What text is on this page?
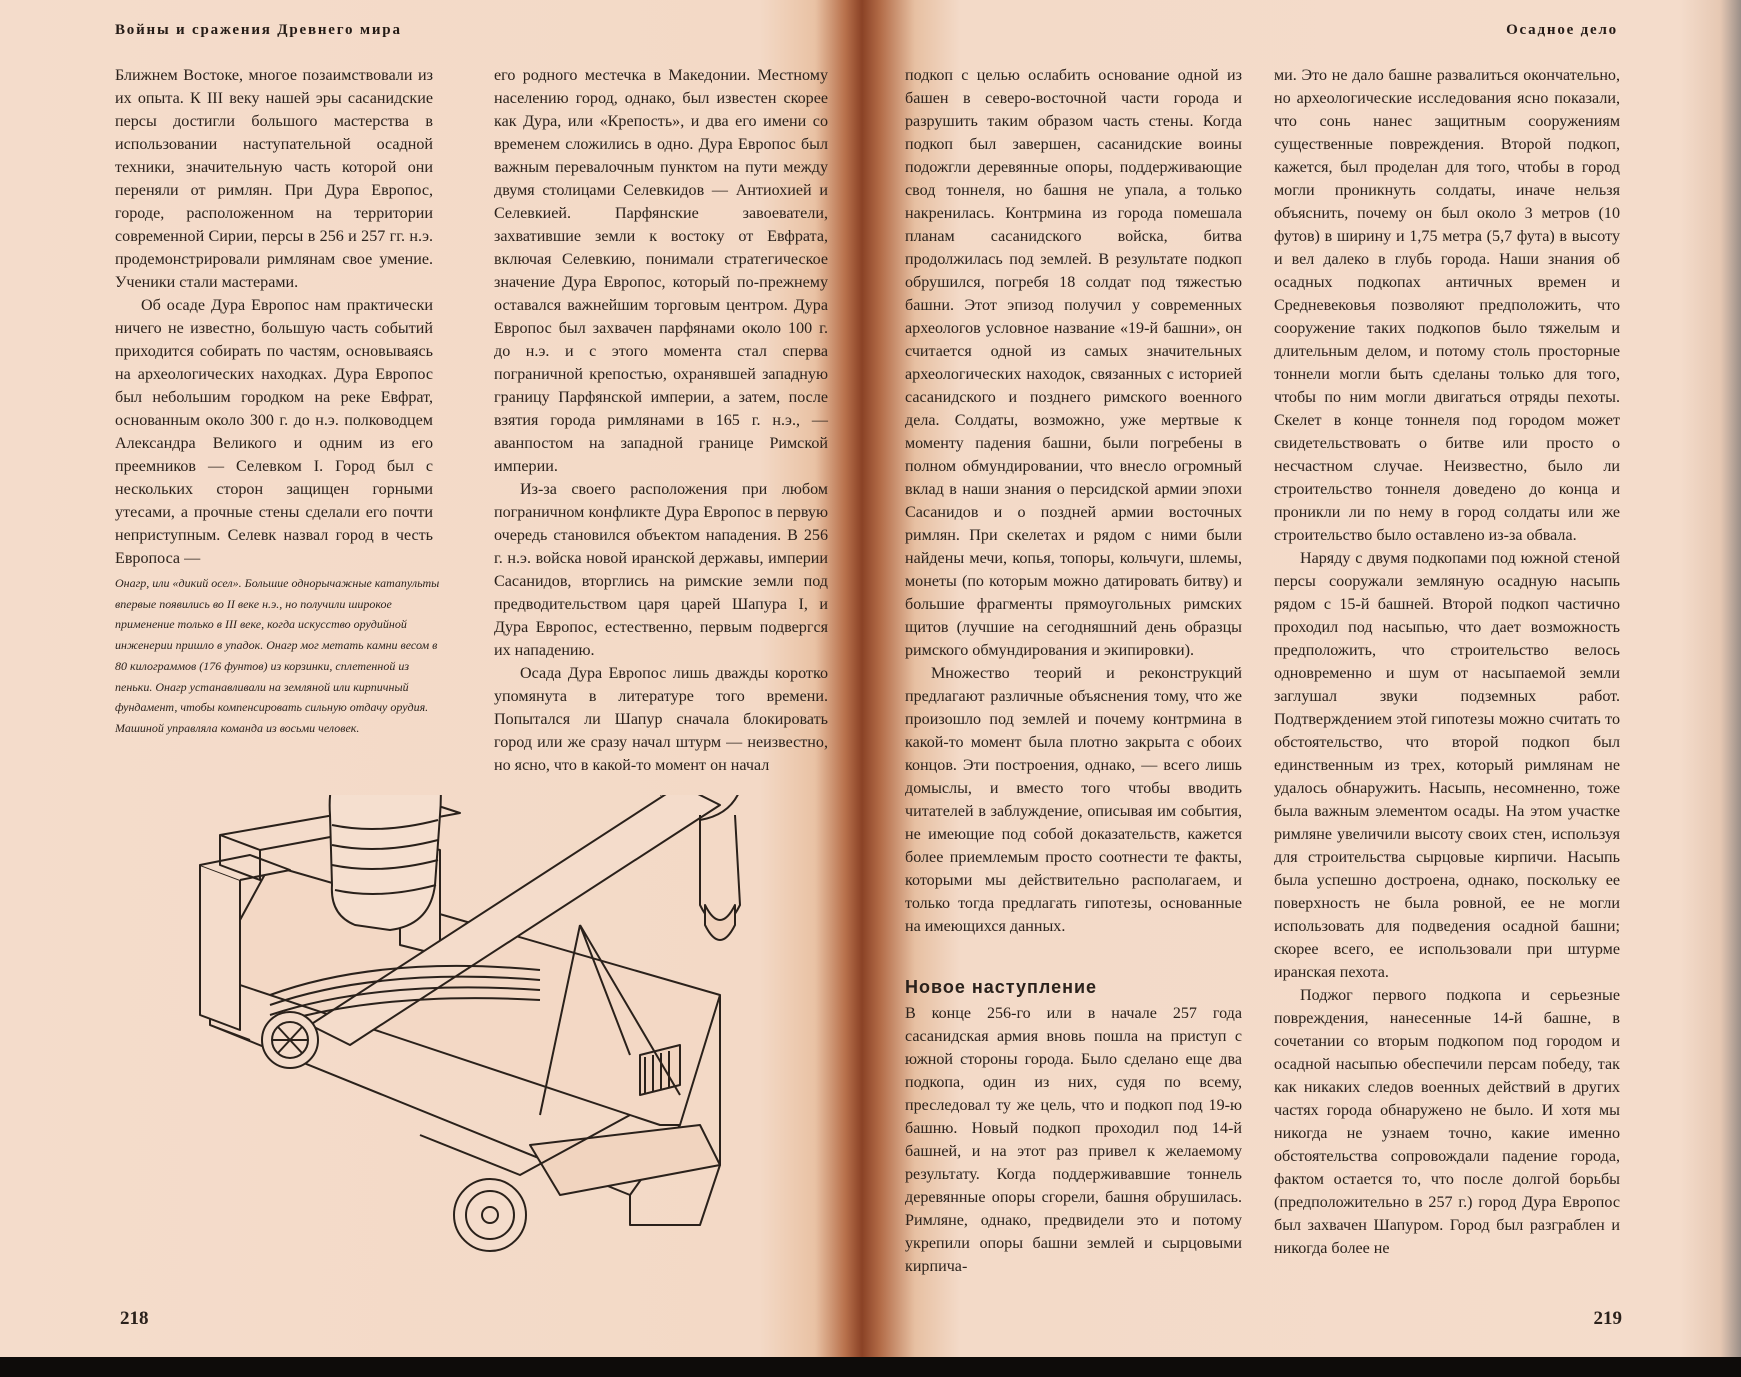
Войны и сражения Древнего мира

Ближнем Востоке, многое позаимствовали из их опыта. К III веку нашей эры сасанидские персы достигли большого мастерства в использовании наступательной осадной техники, значительную часть которой они переняли от римлян. При Дура Европос, городе, расположенном на территории современной Сирии, персы в 256 и 257 гг. н.э. продемонстрировали римлянам свое умение. Ученики стали мастерами.

Об осаде Дура Европос нам практически ничего не известно, большую часть событий приходится собирать по частям, основываясь на археологических находках. Дура Европос был небольшим городком на реке Евфрат, основанным около 300 г. до н.э. полководцем Александра Великого и одним из его преемников — Селевком I. Город был с нескольких сторон защищен горными утесами, а прочные стены сделали его почти неприступным. Селевк назвал город в честь Европоса —

Онагр, или «дикий осел». Большие однорычажные катапульты впервые появились во II веке н.э., но получили широкое применение только в III веке, когда искусство орудийной инженерии пришло в упадок. Онагр мог метать камни весом в 80 килограммов (176 фунтов) из корзинки, сплетенной из пеньки. Онагр устанавливали на земляной или кирпичный фундамент, чтобы компенсировать сильную отдачу орудия. Машиной управляла команда из восьми человек.

его родного местечка в Македонии. Местному населению город, однако, был известен скорее как Дура, или «Крепость», и два его имени со временем сложились в одно. Дура Европос был важным перевалочным пунктом на пути между двумя столицами Селевкидов — Антиохией и Селевкией. Парфянские завоеватели, захватившие земли к востоку от Евфрата, включая Селевкию, понимали стратегическое значение Дура Европос, который по-прежнему оставался важнейшим торговым центром. Дура Европос был захвачен парфянами около 100 г. до н.э. и с этого момента стал сперва пограничной крепостью, охранявшей западную границу Парфянской империи, а затем, после взятия города римлянами в 165 г. н.э., — аванпостом на западной границе Римской империи.

Из-за своего расположения при любом пограничном конфликте Дура Европос в первую очередь становился объектом нападения. В 256 г. н.э. войска новой иранской державы, империи Сасанидов, вторглись на римские земли под предводительством царя царей Шапура I, и Дура Европос, естественно, первым подвергся их нападению.

Осада Дура Европос лишь дважды коротко упомянута в литературе того времени. Попытался ли Шапур сначала блокировать город или же сразу начал штурм — неизвестно, но ясно, что в какой-то момент он начал

218
Осадное дело

подкоп с целью ослабить основание одной из башен в северо-восточной части города и разрушить таким образом часть стены. Когда подкоп был завершен, сасанидские воины подожгли деревянные опоры, поддерживающие свод тоннеля, но башня не упала, а только накренилась. Контрмина из города помешала планам сасанидского войска, битва продолжилась под землей. В результате подкоп обрушился, погребя 18 солдат под тяжестью башни. Этот эпизод получил у современных археологов условное название «19-й башни», он считается одной из самых значительных археологических находок, связанных с историей сасанидского и позднего римского военного дела. Солдаты, возможно, уже мертвые к моменту падения башни, были погребены в полном обмундировании, что внесло огромный вклад в наши знания о персидской армии эпохи Сасанидов и о поздней армии восточных римлян. При скелетах и рядом с ними были найдены мечи, копья, топоры, кольчуги, шлемы, монеты (по которым можно датировать битву) и большие фрагменты прямоугольных римских щитов (лучшие на сегодняшний день образцы римского обмундирования и экипировки).

Множество теорий и реконструкций предлагают различные объяснения тому, что же произошло под землей и почему контрмина в какой-то момент была плотно закрыта с обоих концов. Эти построения, однако, — всего лишь домыслы, и вместо того чтобы вводить читателей в заблуждение, описывая им события, не имеющие под собой доказательств, кажется более приемлемым просто соотнести те факты, которыми мы действительно располагаем, и только тогда предлагать гипотезы, основанные на имеющихся данных.

Новое наступление

В конце 256-го или в начале 257 года сасанидская армия вновь пошла на приступ с южной стороны города. Было сделано еще два подкопа, один из них, судя по всему, преследовал ту же цель, что и подкоп под 19-ю башню. Новый подкоп проходил под 14-й башней, и на этот раз привел к желаемому результату. Когда поддерживавшие тоннель деревянные опоры сгорели, башня обрушилась. Римляне, однако, предвидели это и потому укрепили опоры башни землей и сырцовыми кирпича-

ми. Это не дало башне развалиться окончательно, но археологические исследования ясно показали, что сонь нанес защитным сооружениям существенные повреждения. Второй подкоп, кажется, был проделан для того, чтобы в город могли проникнуть солдаты, иначе нельзя объяснить, почему он был около 3 метров (10 футов) в ширину и 1,75 метра (5,7 фута) в высоту и вел далеко в глубь города. Наши знания об осадных подкопах античных времен и Средневековья позволяют предположить, что сооружение таких подкопов было тяжелым и длительным делом, и потому столь просторные тоннели могли быть сделаны только для того, чтобы по ним могли двигаться отряды пехоты. Скелет в конце тоннеля под городом может свидетельствовать о битве или просто о несчастном случае. Неизвестно, было ли строительство тоннеля доведено до конца и проникли ли по нему в город солдаты или же строительство было оставлено из-за обвала.

Наряду с двумя подкопами под южной стеной персы сооружали земляную осадную насыпь рядом с 15-й башней. Второй подкоп частично проходил под насыпью, что дает возможность предположить, что строительство велось одновременно и шум от насыпаемой земли заглушал звуки подземных работ. Подтверждением этой гипотезы можно считать то обстоятельство, что второй подкоп был единственным из трех, который римлянам не удалось обнаружить. Насыпь, несомненно, тоже была важным элементом осады. На этом участке римляне увеличили высоту своих стен, используя для строительства сырцовые кирпичи. Насыпь была успешно достроена, однако, поскольку ее поверхность не была ровной, ее не могли использовать для подведения осадной башни; скорее всего, ее использовали при штурме иранская пехота.

Поджог первого подкопа и серьезные повреждения, нанесенные 14-й башне, в сочетании со вторым подкопом под городом и осадной насыпью обеспечили персам победу, так как никаких следов военных действий в других частях города обнаружено не было. И хотя мы никогда не узнаем точно, какие именно обстоятельства сопровождали падение города, фактом остается то, что после долгой борьбы (предположительно в 257 г.) город Дура Европос был захвачен Шапуром. Город был разграблен и никогда более не

219
